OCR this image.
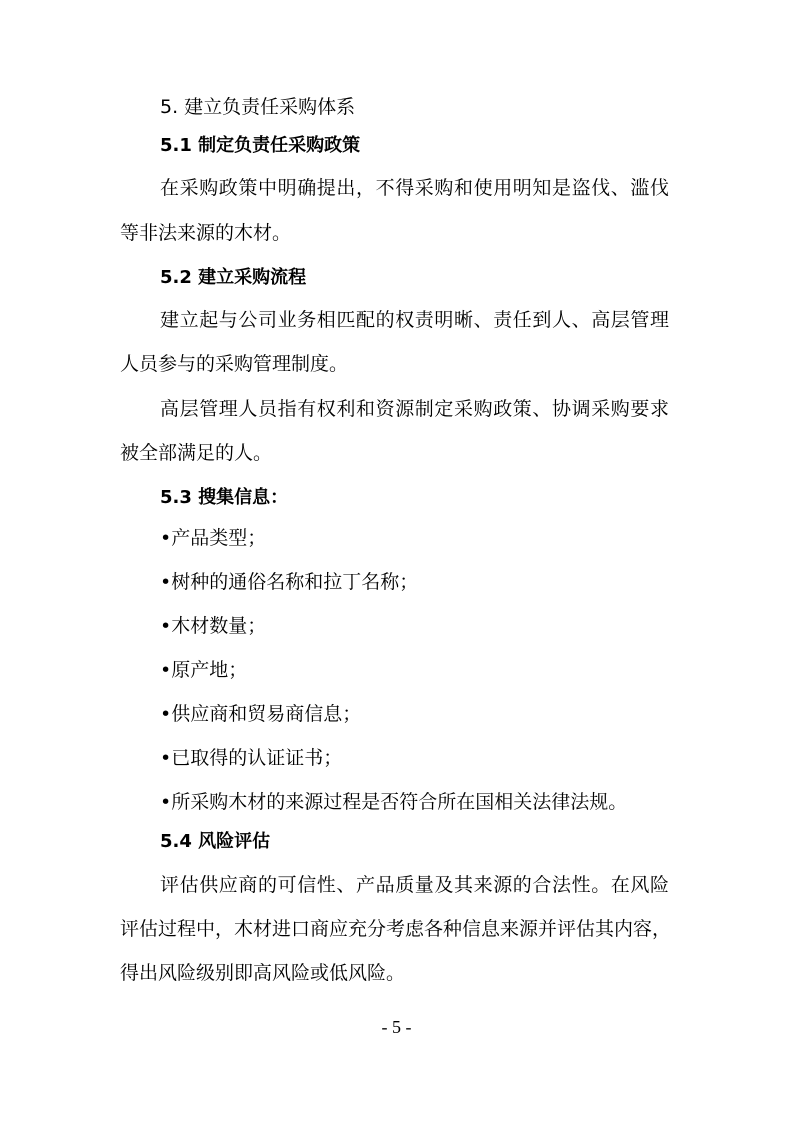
5. 建立负责任采购体系
5.1 制定负责任采购政策
在采购政策中明确提出，不得采购和使用明知是盗伐、滥伐
等非法来源的木材。
5.2 建立采购流程
建立起与公司业务相匹配的权责明晰、责任到人、高层管理
人员参与的采购管理制度。
高层管理人员指有权利和资源制定采购政策、协调采购要求
被全部满足的人。
5.3 搜集信息：
•产品类型；
•树种的通俗名称和拉丁名称；
•木材数量；
•原产地；
•供应商和贸易商信息；
•已取得的认证证书；
•所采购木材的来源过程是否符合所在国相关法律法规。
5.4 风险评估
评估供应商的可信性、产品质量及其来源的合法性。在风险
评估过程中，木材进口商应充分考虑各种信息来源并评估其内容，
得出风险级别即高风险或低风险。
- 5 -
